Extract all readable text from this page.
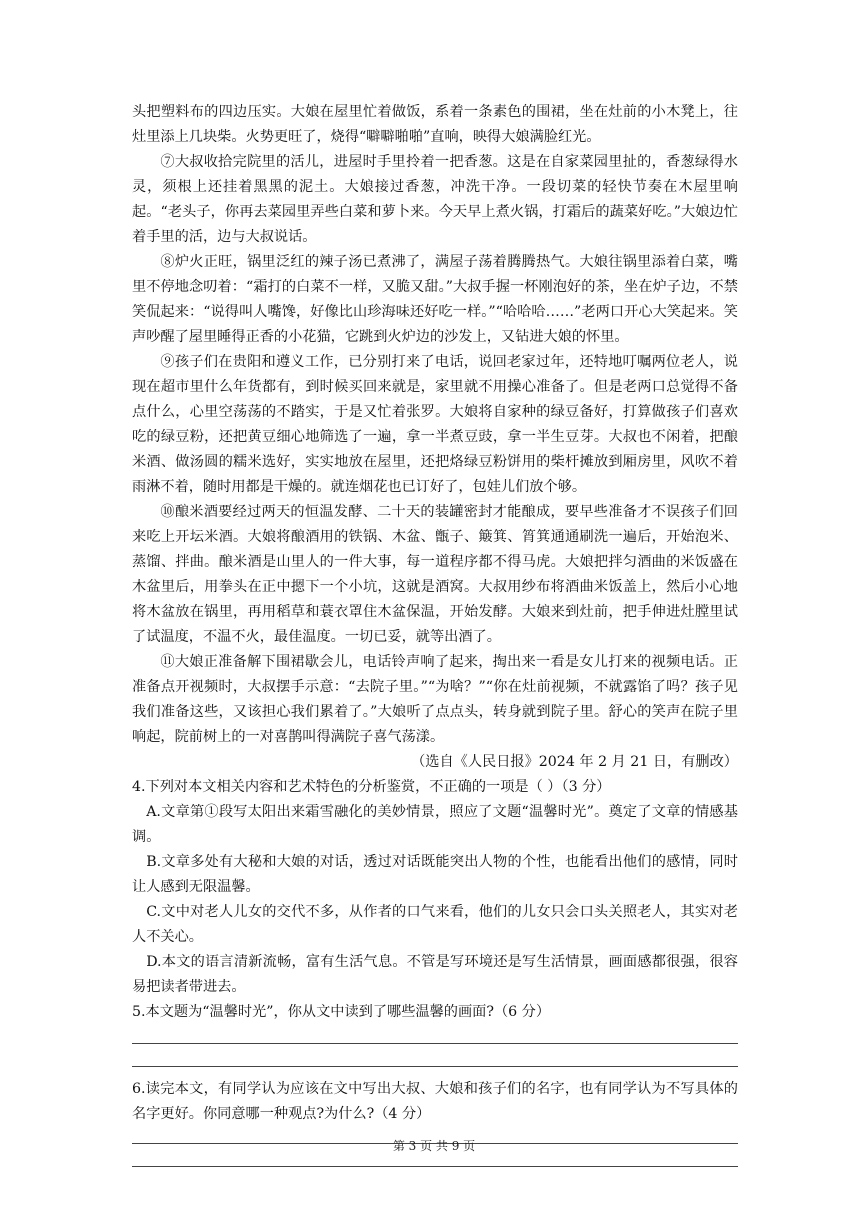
头把塑料布的四边压实。大娘在屋里忙着做饭，系着一条素色的围裙，坐在灶前的小木凳上，往灶里添上几块柴。火势更旺了，烧得“噼噼啪啪”直响，映得大娘满脸红光。

⑦大叔收拾完院里的活儿，进屋时手里拎着一把香葱。这是在自家菜园里扯的，香葱绿得水灵，须根上还挂着黑黑的泥土。大娘接过香葱，冲洗干净。一段切菜的轻快节奏在木屋里响起。“老头子，你再去菜园里弄些白菜和萝卜来。今天早上煮火锅，打霜后的蔬菜好吃。”大娘边忙着手里的活，边与大叔说话。

⑧炉火正旺，锅里泛红的辣子汤已煮沸了，满屋子荡着腾腾热气。大娘往锅里添着白菜，嘴里不停地念叨着：“霜打的白菜不一样，又脆又甜。”大叔手握一杯刚泡好的茶，坐在炉子边，不禁笑侃起来：“说得叫人嘴馋，好像比山珍海味还好吃一样。”“哈哈哈……”老两口开心大笑起来。笑声吵醒了屋里睡得正香的小花猫，它跳到火炉边的沙发上，又钻进大娘的怀里。

⑨孩子们在贵阳和遵义工作，已分别打来了电话，说回老家过年，还特地叮嘱两位老人，说现在超市里什么年货都有，到时候买回来就是，家里就不用操心准备了。但是老两口总觉得不备点什么，心里空荡荡的不踏实，于是又忙着张罗。大娘将自家种的绿豆备好，打算做孩子们喜欢吃的绿豆粉，还把黄豆细心地筛选了一遍，拿一半煮豆豉，拿一半生豆芽。大叔也不闲着，把酿米酒、做汤圆的糯米选好，实实地放在屋里，还把烙绿豆粉饼用的柴杆摊放到厢房里，风吹不着雨淋不着，随时用都是干燥的。就连烟花也已订好了，包娃儿们放个够。

⑩酿米酒要经过两天的恒温发酵、二十天的装罐密封才能酿成，要早些准备才不误孩子们回来吃上开坛米酒。大娘将酿酒用的铁锅、木盆、甑子、簸箕、筲箕通通刷洗一遍后，开始泡米、蒸馏、拌曲。酿米酒是山里人的一件大事，每一道程序都不得马虎。大娘把拌匀酒曲的米饭盛在木盆里后，用拳头在正中摁下一个小坑，这就是酒窝。大叔用纱布将酒曲米饭盖上，然后小心地将木盆放在锅里，再用稻草和蓑衣罩住木盆保温，开始发酵。大娘来到灶前，把手伸进灶膛里试了试温度，不温不火，最佳温度。一切已妥，就等出酒了。

⑪大娘正准备解下围裙歇会儿，电话铃声响了起来，掏出来一看是女儿打来的视频电话。正准备点开视频时，大叔摆手示意：“去院子里。”“为啥？”“你在灶前视频，不就露馅了吗？孩子见我们准备这些，又该担心我们累着了。”大娘听了点点头，转身就到院子里。舒心的笑声在院子里响起，院前树上的一对喜鹊叫得满院子喜气荡漾。

（选自《人民日报》2024 年 2 月 21 日，有删改）

4.下列对本文相关内容和艺术特色的分析鉴赏，不正确的一项是（ ）（3 分）

A.文章第①段写太阳出来霜雪融化的美妙情景，照应了文题“温馨时光”。奠定了文章的情感基调。

B.文章多处有大秘和大娘的对话，透过对话既能突出人物的个性，也能看出他们的感情，同时让人感到无限温馨。

C.文中对老人儿女的交代不多，从作者的口气来看，他们的儿女只会口头关照老人，其实对老人不关心。

D.本文的语言清新流畅，富有生活气息。不管是写环境还是写生活情景，画面感都很强，很容易把读者带进去。

5.本文题为“温馨时光”，你从文中读到了哪些温馨的画面?（6 分）

6.读完本文，有同学认为应该在文中写出大叔、大娘和孩子们的名字，也有同学认为不写具体的名字更好。你同意哪一种观点?为什么?（4 分）

第 3 页 共 9 页
